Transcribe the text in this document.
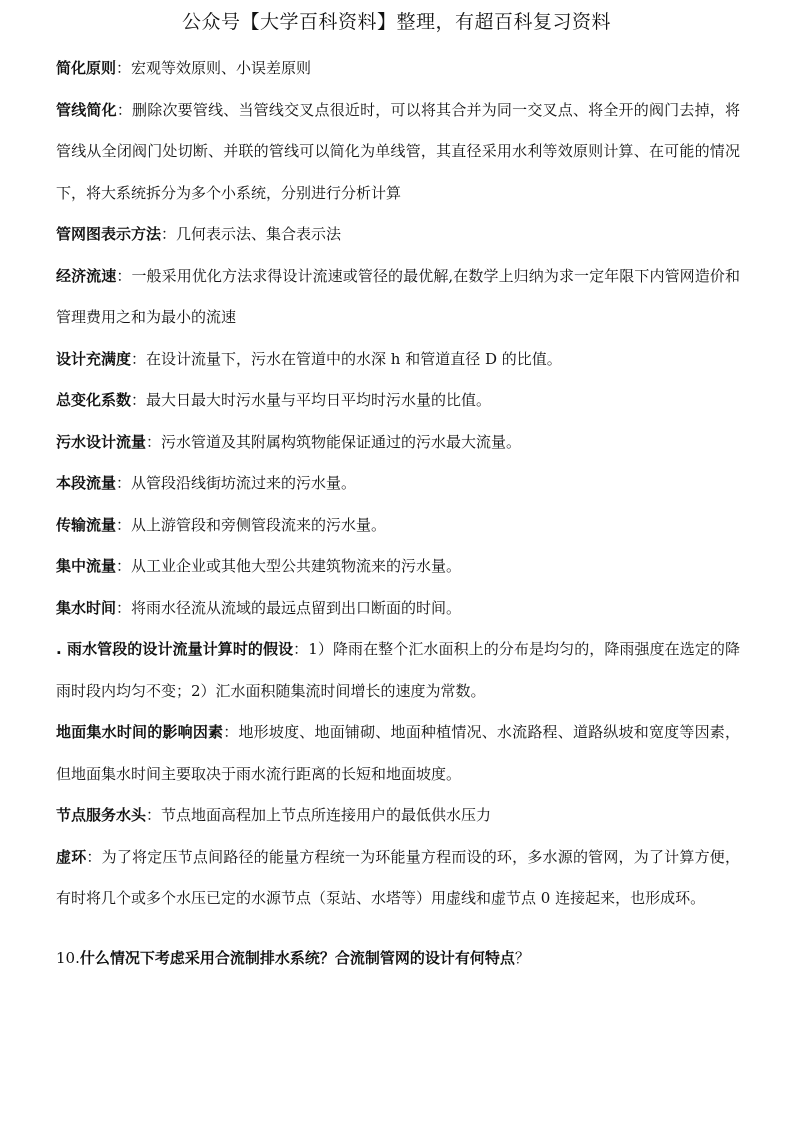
公众号【大学百科资料】整理，有超百科复习资料

简化原则：宏观等效原则、小误差原则

管线简化：删除次要管线、当管线交叉点很近时，可以将其合并为同一交叉点、将全开的阀门去掉，将管线从全闭阀门处切断、并联的管线可以简化为单线管，其直径采用水利等效原则计算、在可能的情况下，将大系统拆分为多个小系统，分别进行分析计算

管网图表示方法：几何表示法、集合表示法

经济流速：一般采用优化方法求得设计流速或管径的最优解,在数学上归纳为求一定年限下内管网造价和管理费用之和为最小的流速

设计充满度：在设计流量下，污水在管道中的水深 h 和管道直径 D 的比值。

总变化系数：最大日最大时污水量与平均日平均时污水量的比值。

污水设计流量：污水管道及其附属构筑物能保证通过的污水最大流量。

本段流量：从管段沿线街坊流过来的污水量。

传输流量：从上游管段和旁侧管段流来的污水量。

集中流量：从工业企业或其他大型公共建筑物流来的污水量。

集水时间：将雨水径流从流域的最远点留到出口断面的时间。

. 雨水管段的设计流量计算时的假设：1）降雨在整个汇水面积上的分布是均匀的，降雨强度在选定的降雨时段内均匀不变；2）汇水面积随集流时间增长的速度为常数。

地面集水时间的影响因素：地形坡度、地面铺砌、地面种植情况、水流路程、道路纵坡和宽度等因素，但地面集水时间主要取决于雨水流行距离的长短和地面坡度。

节点服务水头：节点地面高程加上节点所连接用户的最低供水压力

虚环：为了将定压节点间路径的能量方程统一为环能量方程而设的环，多水源的管网，为了计算方便，有时将几个或多个水压已定的水源节点（泵站、水塔等）用虚线和虚节点 0 连接起来，也形成环。

10.什么情况下考虑采用合流制排水系统？合流制管网的设计有何特点？
